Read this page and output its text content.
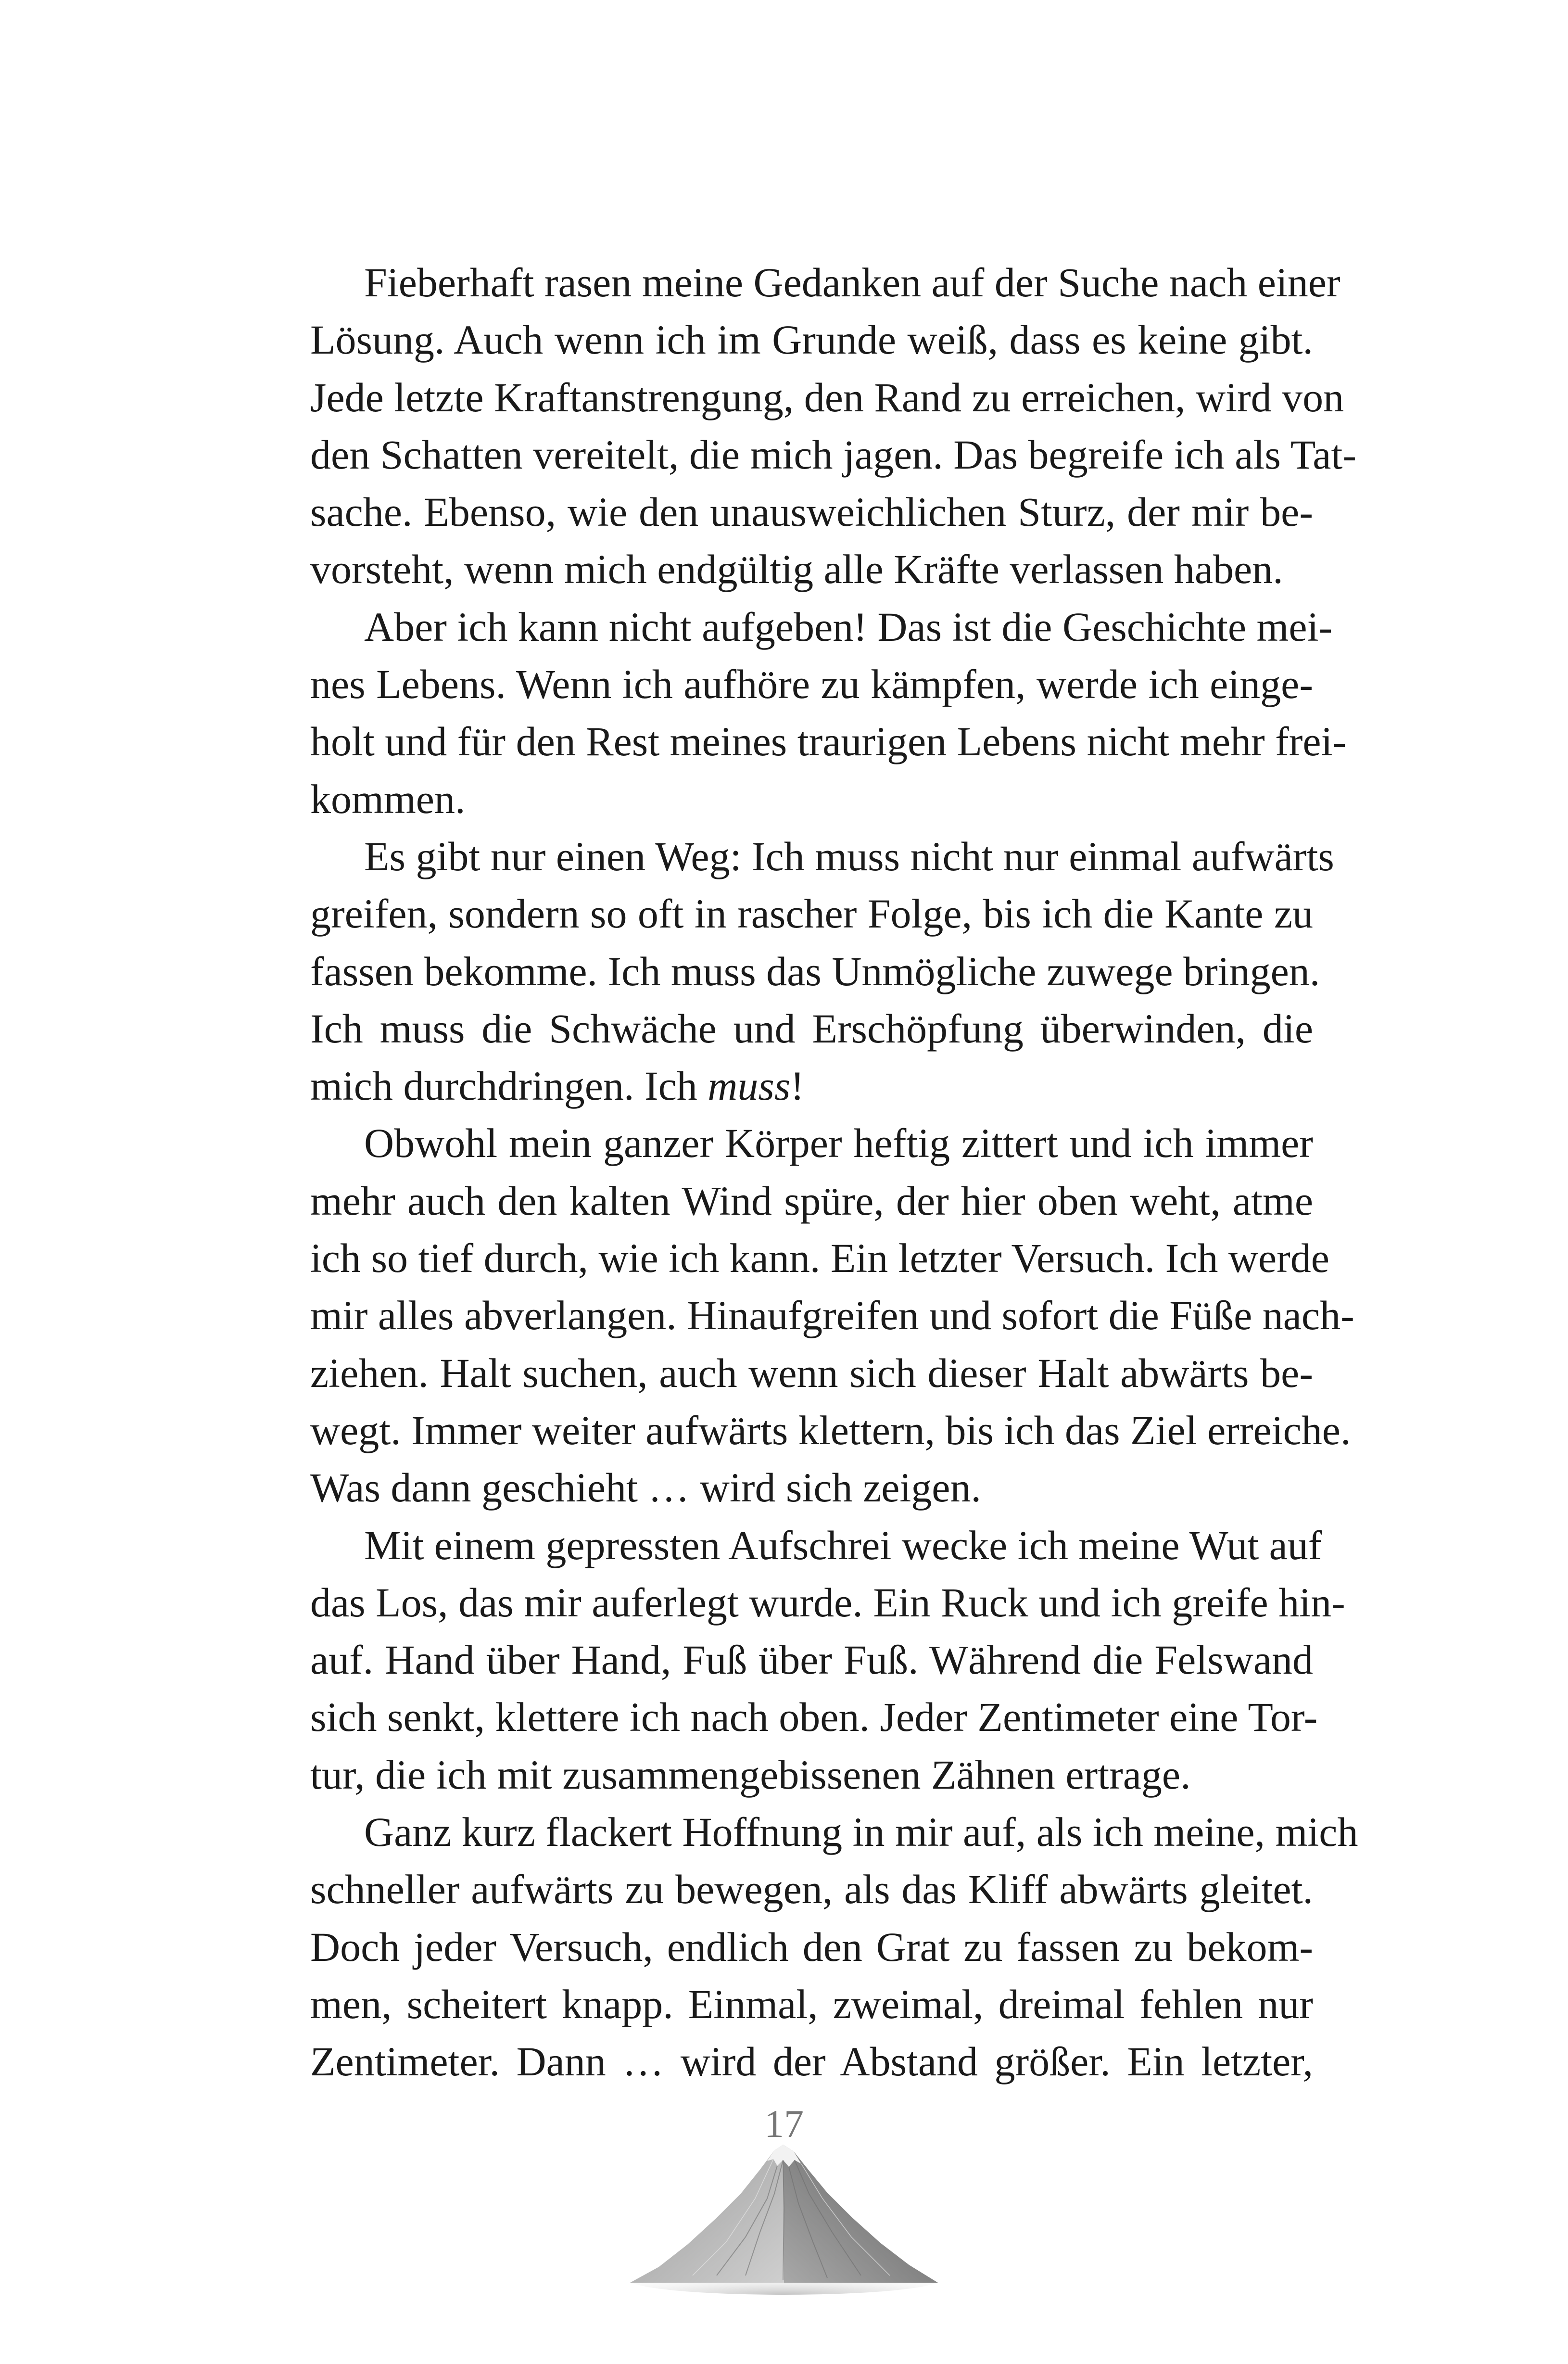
Fieberhaft rasen meine Gedanken auf der Suche nach einer
Lösung. Auch wenn ich im Grunde weiß, dass es keine gibt.
Jede letzte Kraftanstrengung, den Rand zu erreichen, wird von
den Schatten vereitelt, die mich jagen. Das begreife ich als Tat-
sache. Ebenso, wie den unausweichlichen Sturz, der mir be-
vorsteht, wenn mich endgültig alle Kräfte verlassen haben.
Aber ich kann nicht aufgeben! Das ist die Geschichte mei-
nes Lebens. Wenn ich aufhöre zu kämpfen, werde ich einge-
holt und für den Rest meines traurigen Lebens nicht mehr frei-
kommen.
Es gibt nur einen Weg: Ich muss nicht nur einmal aufwärts
greifen, sondern so oft in rascher Folge, bis ich die Kante zu
fassen bekomme. Ich muss das Unmögliche zuwege bringen.
Ich muss die Schwäche und Erschöpfung überwinden, die
mich durchdringen. Ich muss!
Obwohl mein ganzer Körper heftig zittert und ich immer
mehr auch den kalten Wind spüre, der hier oben weht, atme
ich so tief durch, wie ich kann. Ein letzter Versuch. Ich werde
mir alles abverlangen. Hinaufgreifen und sofort die Füße nach-
ziehen. Halt suchen, auch wenn sich dieser Halt abwärts be-
wegt. Immer weiter aufwärts klettern, bis ich das Ziel erreiche.
Was dann geschieht … wird sich zeigen.
Mit einem gepressten Aufschrei wecke ich meine Wut auf
das Los, das mir auferlegt wurde. Ein Ruck und ich greife hin-
auf. Hand über Hand, Fuß über Fuß. Während die Felswand
sich senkt, klettere ich nach oben. Jeder Zentimeter eine Tor-
tur, die ich mit zusammengebissenen Zähnen ertrage.
Ganz kurz flackert Hoffnung in mir auf, als ich meine, mich
schneller aufwärts zu bewegen, als das Kliff abwärts gleitet.
Doch jeder Versuch, endlich den Grat zu fassen zu bekom-
men, scheitert knapp. Einmal, zweimal, dreimal fehlen nur
Zentimeter. Dann … wird der Abstand größer. Ein letzter,
17
